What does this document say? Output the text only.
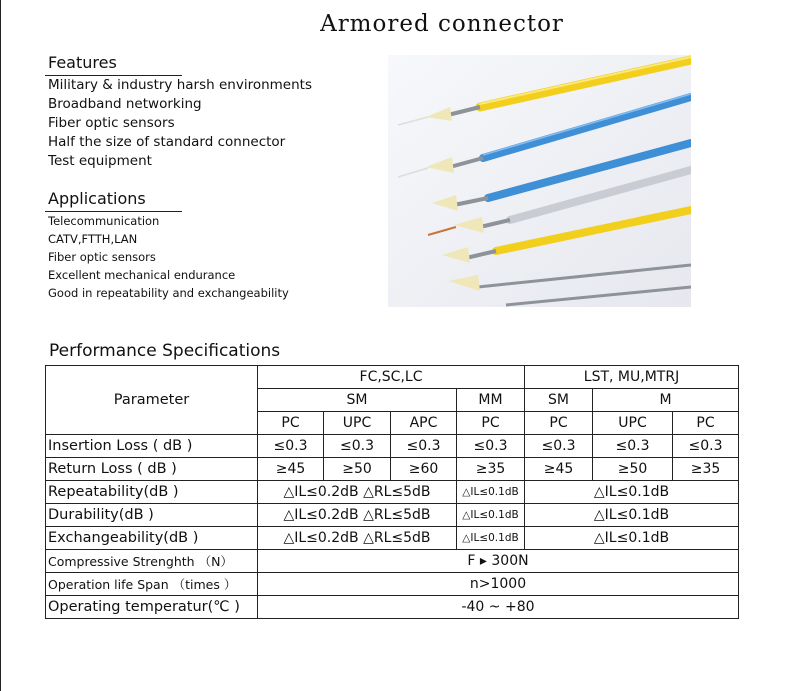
Armored connector
Features
Military & industry harsh environments
Broadband networking
Fiber optic sensors
Half the size of standard connector
Test equipment
Applications
Telecommunication
CATV,FTTH,LAN
Fiber optic sensors
Excellent mechanical endurance
Good in repeatability and exchangeability
Performance Specifications
Parameter	FC,SC,LC				LST, MU,MTRJ		
	SM			MM	SM	M	
	PC	UPC	APC	PC	PC	UPC	PC
Insertion Loss ( dB )	≤0.3	≤0.3	≤0.3	≤0.3	≤0.3	≤0.3	≤0.3
Return Loss ( dB )	≥45	≥50	≥60	≥35	≥45	≥50	≥35
Repeatability(dB )	△IL≤0.2dB △RL≤5dB			△IL≤0.1dB	△IL≤0.1dB		
Durability(dB )	△IL≤0.2dB △RL≤5dB			△IL≤0.1dB	△IL≤0.1dB		
Exchangeability(dB )	△IL≤0.2dB △RL≤5dB			△IL≤0.1dB	△IL≤0.1dB		
Compressive Strenghth （N）	F ▸ 300N						
Operation life Span （times ）	n>1000						
Operating temperatur(℃ )	-40 ~ +80						
